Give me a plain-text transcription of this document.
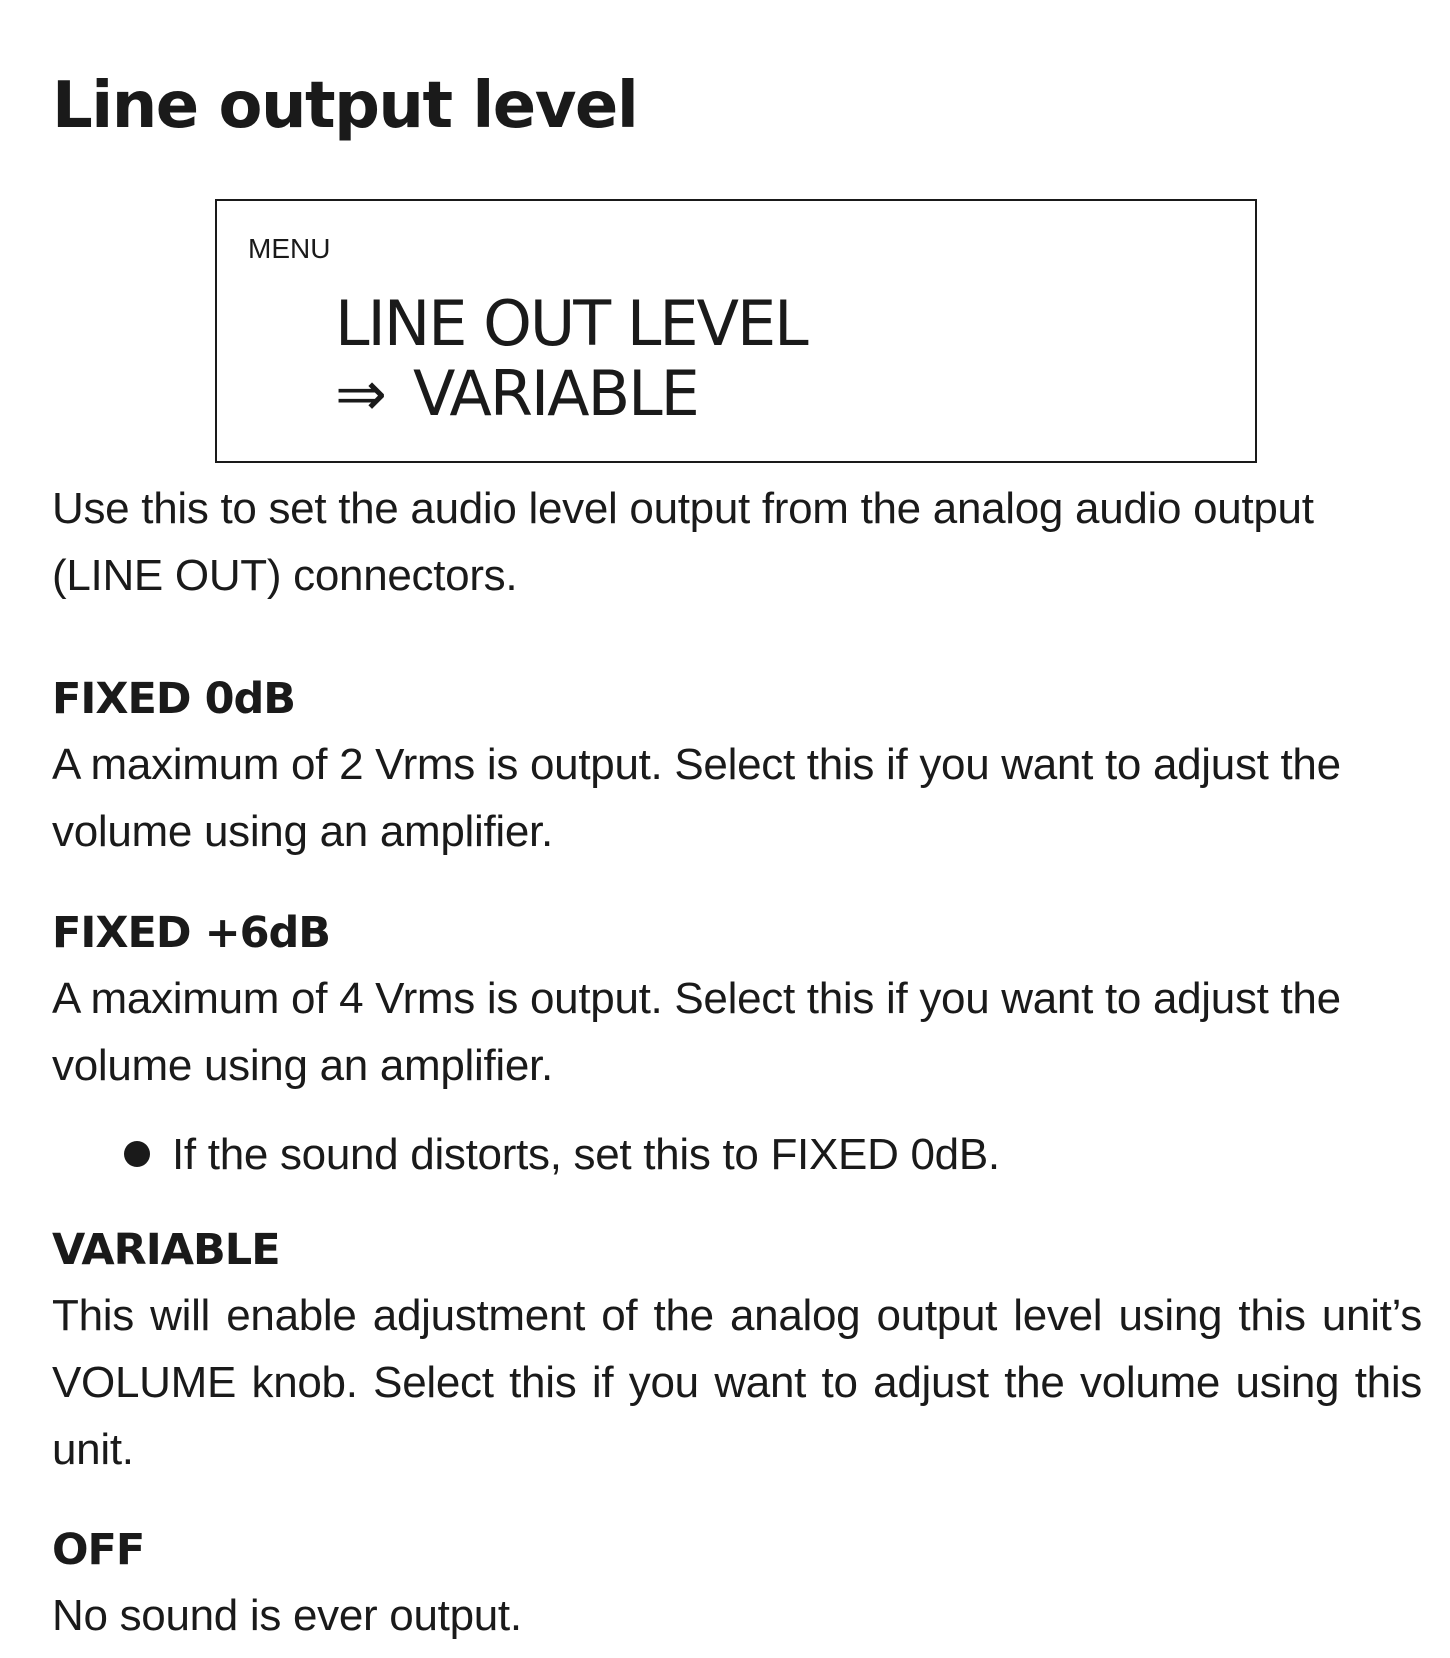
Line output level
MENU
LINE OUT LEVEL
⇒ VARIABLE

Use this to set the audio level output from the analog audio output (LINE OUT) connectors.

FIXED 0dB

A maximum of 2 Vrms is output. Select this if you want to adjust the volume using an amplifier.

FIXED +6dB

A maximum of 4 Vrms is output. Select this if you want to adjust the volume using an amplifier.

If the sound distorts, set this to FIXED 0dB.
VARIABLE

This will enable adjustment of the analog output level using this unit’s VOLUME knob. Select this if you want to adjust the volume using this unit.

OFF

No sound is ever output.
